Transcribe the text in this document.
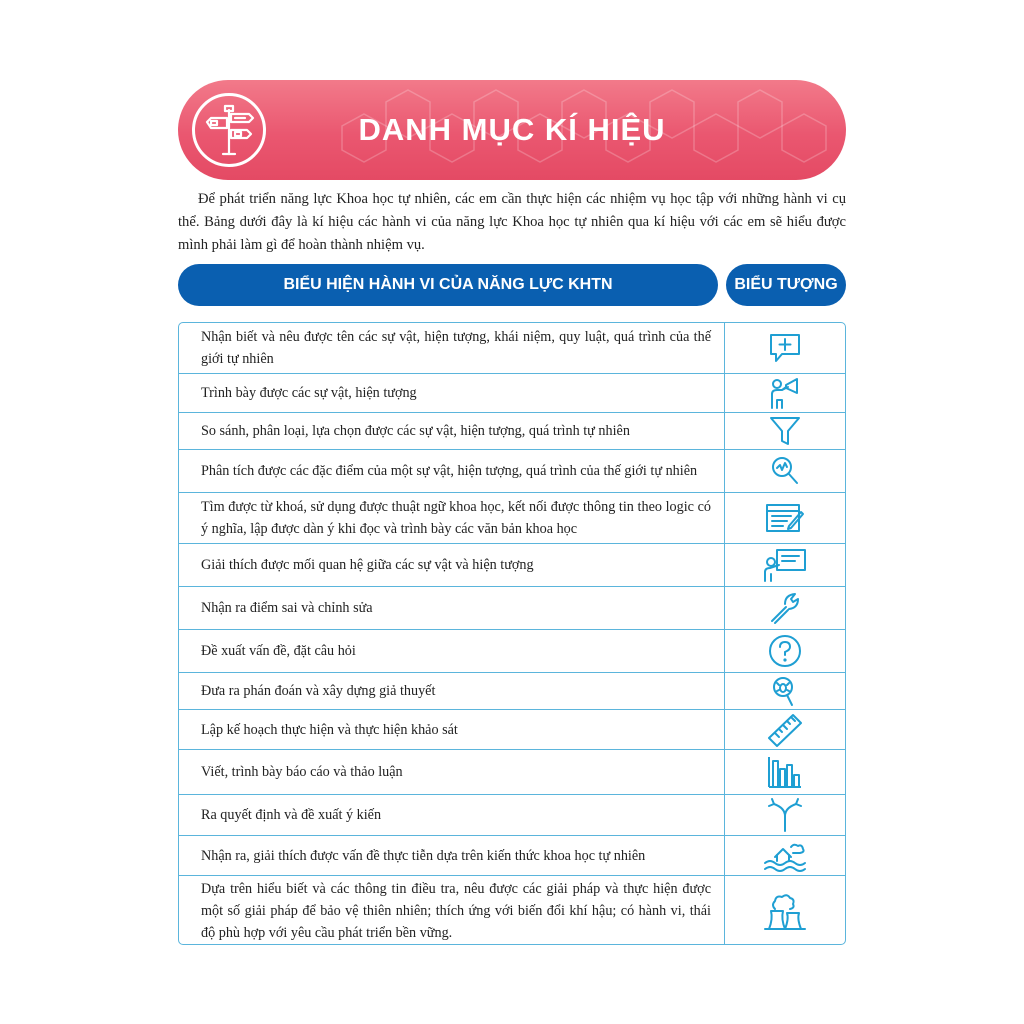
DANH MỤC KÍ HIỆU

Để phát triển năng lực Khoa học tự nhiên, các em cần thực hiện các nhiệm vụ học tập với những hành vi cụ thể. Bảng dưới đây là kí hiệu các hành vi của năng lực Khoa học tự nhiên qua kí hiệu với các em sẽ hiểu được mình phải làm gì để hoàn thành nhiệm vụ.

BIỂU HIỆN HÀNH VI CỦA NĂNG LỰC KHTN	BIỂU TƯỢNG
Nhận biết và nêu được tên các sự vật, hiện tượng, khái niệm, quy luật, quá trình của thế giới tự nhiên
Trình bày được các sự vật, hiện tượng
So sánh, phân loại, lựa chọn được các sự vật, hiện tượng, quá trình tự nhiên
Phân tích được các đặc điểm của một sự vật, hiện tượng, quá trình của thế giới tự nhiên
Tìm được từ khoá, sử dụng được thuật ngữ khoa học, kết nối được thông tin theo logic có ý nghĩa, lập được dàn ý khi đọc và trình bày các văn bản khoa học
Giải thích được mối quan hệ giữa các sự vật và hiện tượng
Nhận ra điểm sai và chỉnh sửa
Đề xuất vấn đề, đặt câu hỏi
Đưa ra phán đoán và xây dựng giả thuyết
Lập kế hoạch thực hiện và thực hiện khảo sát
Viết, trình bày báo cáo và thảo luận
Ra quyết định và đề xuất ý kiến
Nhận ra, giải thích được vấn đề thực tiễn dựa trên kiến thức khoa học tự nhiên
Dựa trên hiểu biết và các thông tin điều tra, nêu được các giải pháp và thực hiện được một số giải pháp để bảo vệ thiên nhiên; thích ứng với biến đổi khí hậu; có hành vi, thái độ phù hợp với yêu cầu phát triển bền vững.
